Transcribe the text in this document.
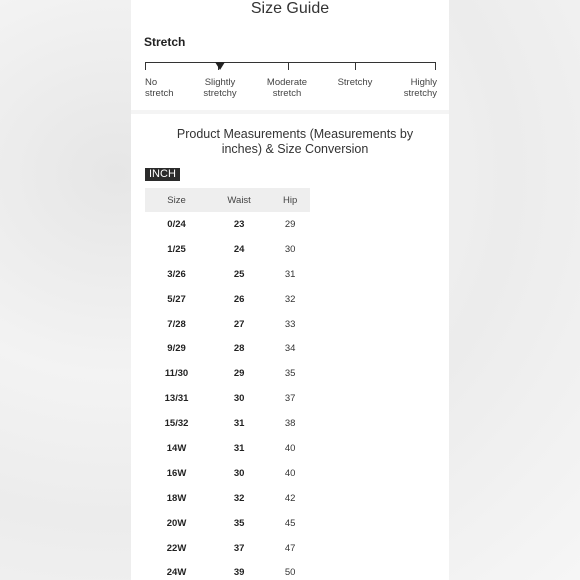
Size Guide
Stretch
No
stretch
Slightly
stretchy
Moderate
stretch
Stretchy	Highly
stretchy
Product Measurements (Measurements by inches) & Size Conversion
INCH
Size	Waist	Hip
0/24	23	29
1/25	24	30
3/26	25	31
5/27	26	32
7/28	27	33
9/29	28	34
11/30	29	35
13/31	30	37
15/32	31	38
14W	31	40
16W	30	40
18W	32	42
20W	35	45
22W	37	47
24W	39	50
